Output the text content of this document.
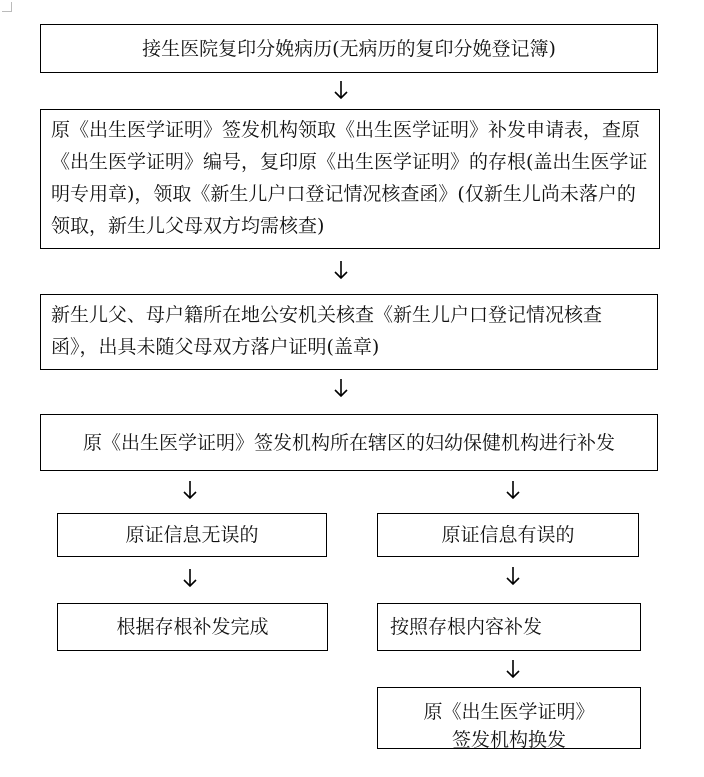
接生医院复印分娩病历(无病历的复印分娩登记簿)
原《出生医学证明》签发机构领取《出生医学证明》补发申请表，查原《出生医学证明》编号，复印原《出生医学证明》的存根(盖出生医学证明专用章)，领取《新生儿户口登记情况核查函》(仅新生儿尚未落户的领取，新生儿父母双方均需核查)
新生儿父、母户籍所在地公安机关核查《新生儿户口登记情况核查函》，出具未随父母双方落户证明(盖章)
原《出生医学证明》签发机构所在辖区的妇幼保健机构进行补发
原证信息无误的
根据存根补发完成
原证信息有误的
按照存根内容补发
原《出生医学证明》
签发机构换发
